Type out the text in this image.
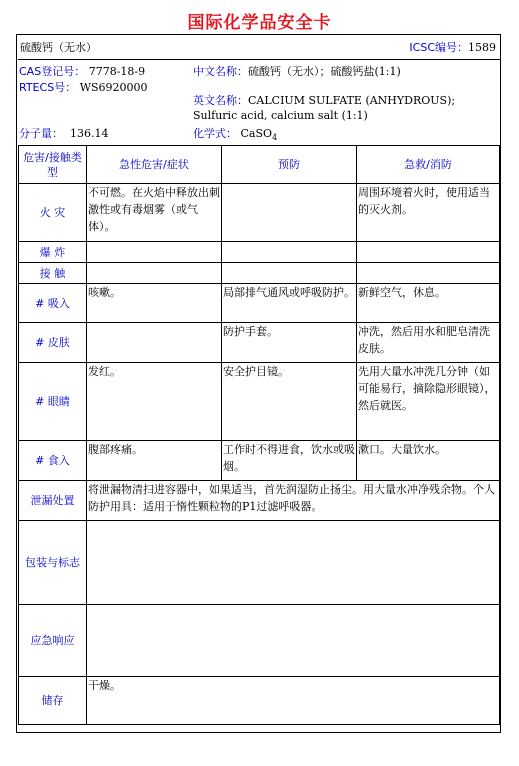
国际化学品安全卡
硫酸钙（无水）	ICSC编号：1589
CAS登记号： 7778-18-9
RTECS号： WS6920000
中文名称：硫酸钙（无水）；硫酸钙盐(1:1)
英文名称：CALCIUM SULFATE (ANHYDROUS);
Sulfuric acid, calcium salt (1:1)
分子量： 136.14	化学式： CaSO$_4$
危害/接触类型	急性危害/症状	预防	急救/消防
火 灾	不可燃。在火焰中释放出刺激性或有毒烟雾（或气体）。		周围环境着火时，使用适当的灭火剂。
爆 炸			
接 触			
# 吸入	咳嗽。	局部排气通风或呼吸防护。	新鲜空气，休息。
# 皮肤		防护手套。	冲洗，然后用水和肥皂清洗皮肤。
# 眼睛	发红。	安全护目镜。	先用大量水冲洗几分钟（如可能易行，摘除隐形眼镜），然后就医。
# 食入	腹部疼痛。	工作时不得进食，饮水或吸烟。	漱口。大量饮水。
泄漏处置	将泄漏物清扫进容器中，如果适当，首先润湿防止扬尘。用大量水冲净残余物。个人防护用具：适用于惰性颗粒物的P1过滤呼吸器。		
包装与标志			
应急响应			
储存	干燥。		
